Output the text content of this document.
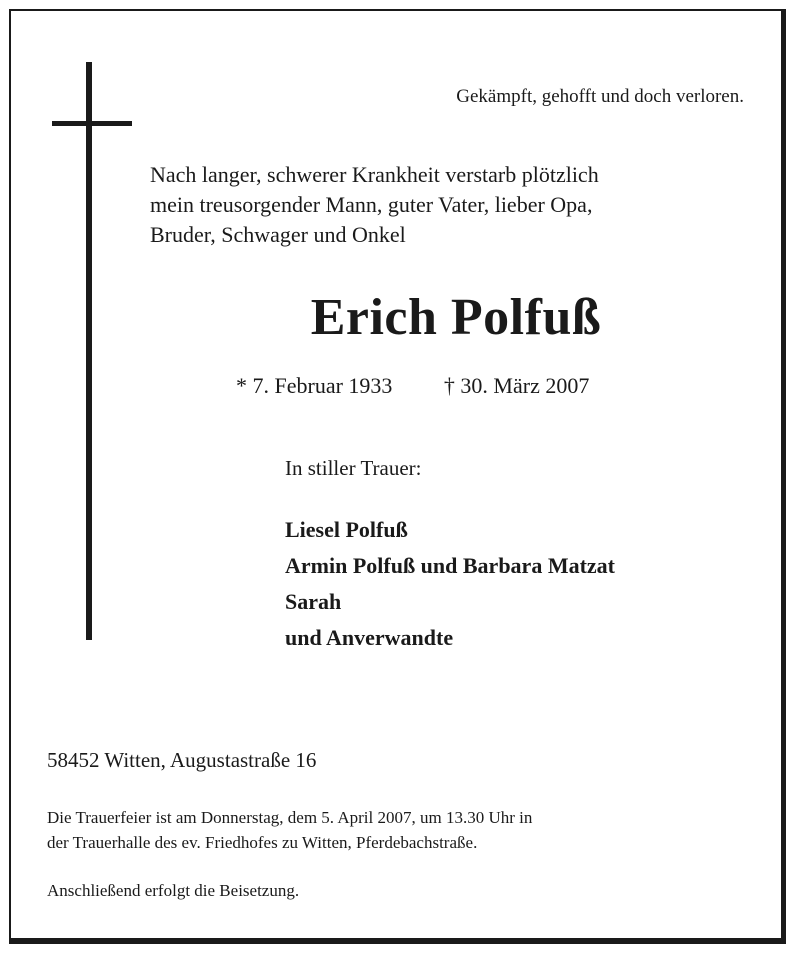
Gekämpft, gehofft und doch verloren.
Nach langer, schwerer Krankheit verstarb plötzlich
mein treusorgender Mann, guter Vater, lieber Opa,
Bruder, Schwager und Onkel
Erich Polfuß
* 7. Februar 1933 † 30. März 2007
In stiller Trauer:
Liesel Polfuß
Armin Polfuß und Barbara Matzat
Sarah
und Anverwandte
58452 Witten, Augustastraße 16
Die Trauerfeier ist am Donnerstag, dem 5. April 2007, um 13.30 Uhr in
der Trauerhalle des ev. Friedhofes zu Witten, Pferdebachstraße.
Anschließend erfolgt die Beisetzung.
